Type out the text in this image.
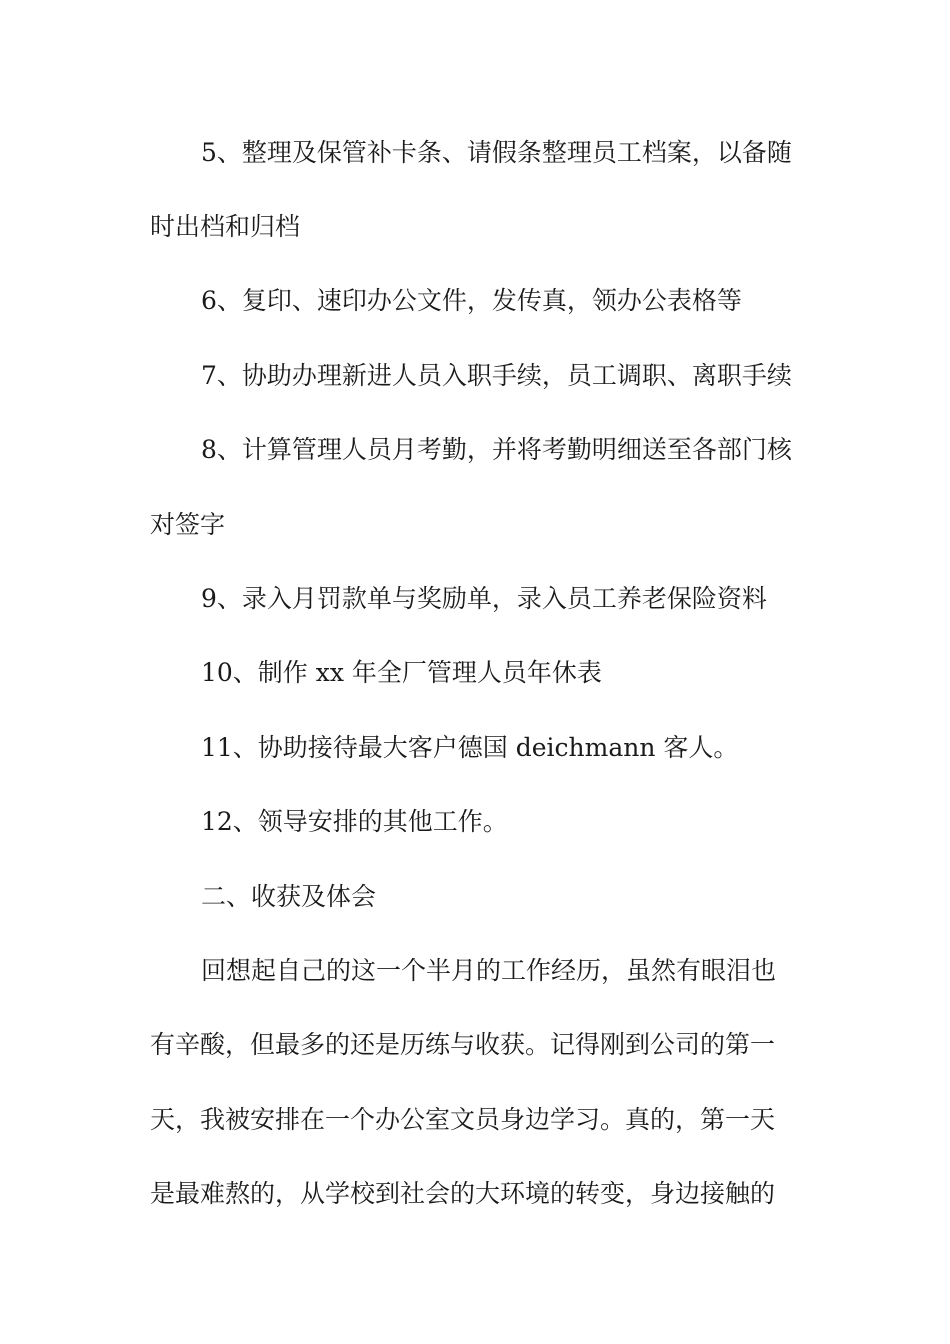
5、整理及保管补卡条、请假条整理员工档案，以备随
时出档和归档
6、复印、速印办公文件，发传真，领办公表格等
7、协助办理新进人员入职手续，员工调职、离职手续
8、计算管理人员月考勤，并将考勤明细送至各部门核
对签字
9、录入月罚款单与奖励单，录入员工养老保险资料
10、制作 xx 年全厂管理人员年休表
11、协助接待最大客户德国 deichmann 客人。
12、领导安排的其他工作。
二、收获及体会
回想起自己的这一个半月的工作经历，虽然有眼泪也
有辛酸，但最多的还是历练与收获。记得刚到公司的第一
天，我被安排在一个办公室文员身边学习。真的，第一天
是最难熬的，从学校到社会的大环境的转变，身边接触的
